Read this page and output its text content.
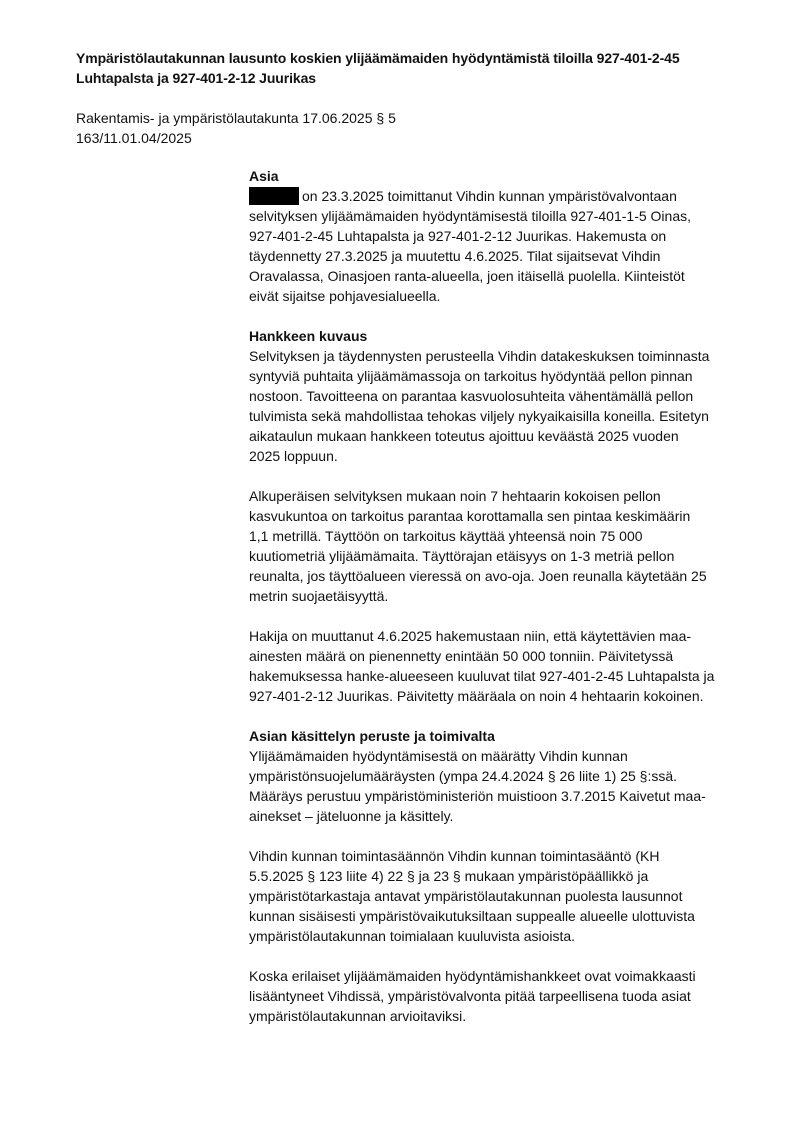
Ympäristölautakunnan lausunto koskien ylijäämämaiden hyödyntämistä tiloilla 927-401-2-45
Luhtapalsta ja 927-401-2-12 Juurikas
Rakentamis- ja ympäristölautakunta 17.06.2025 § 5
163/11.01.04/2025
Asia
on 23.3.2025 toimittanut Vihdin kunnan ympäristövalvontaan
selvityksen ylijäämämaiden hyödyntämisestä tiloilla 927-401-1-5 Oinas,
927-401-2-45 Luhtapalsta ja 927-401-2-12 Juurikas. Hakemusta on
täydennetty 27.3.2025 ja muutettu 4.6.2025. Tilat sijaitsevat Vihdin
Oravalassa, Oinasjoen ranta-alueella, joen itäisellä puolella. Kiinteistöt
eivät sijaitse pohjavesialueella.
Hankkeen kuvaus
Selvityksen ja täydennysten perusteella Vihdin datakeskuksen toiminnasta
syntyviä puhtaita ylijäämämassoja on tarkoitus hyödyntää pellon pinnan
nostoon. Tavoitteena on parantaa kasvuolosuhteita vähentämällä pellon
tulvimista sekä mahdollistaa tehokas viljely nykyaikaisilla koneilla. Esitetyn
aikataulun mukaan hankkeen toteutus ajoittuu keväästä 2025 vuoden
2025 loppuun.
Alkuperäisen selvityksen mukaan noin 7 hehtaarin kokoisen pellon
kasvukuntoa on tarkoitus parantaa korottamalla sen pintaa keskimäärin
1,1 metrillä. Täyttöön on tarkoitus käyttää yhteensä noin 75 000
kuutiometriä ylijäämämaita. Täyttörajan etäisyys on 1-3 metriä pellon
reunalta, jos täyttöalueen vieressä on avo-oja. Joen reunalla käytetään 25
metrin suojaetäisyyttä.
Hakija on muuttanut 4.6.2025 hakemustaan niin, että käytettävien maa-
ainesten määrä on pienennetty enintään 50 000 tonniin. Päivitetyssä
hakemuksessa hanke-alueeseen kuuluvat tilat 927-401-2-45 Luhtapalsta ja
927-401-2-12 Juurikas. Päivitetty määräala on noin 4 hehtaarin kokoinen.
Asian käsittelyn peruste ja toimivalta
Ylijäämämaiden hyödyntämisestä on määrätty Vihdin kunnan
ympäristönsuojelumääräysten (ympa 24.4.2024 § 26 liite 1) 25 §:ssä.
Määräys perustuu ympäristöministeriön muistioon 3.7.2015 Kaivetut maa-
ainekset – jäteluonne ja käsittely.
Vihdin kunnan toimintasäännön Vihdin kunnan toimintasääntö (KH
5.5.2025 § 123 liite 4) 22 § ja 23 § mukaan ympäristöpäällikkö ja
ympäristötarkastaja antavat ympäristölautakunnan puolesta lausunnot
kunnan sisäisesti ympäristövaikutuksiltaan suppealle alueelle ulottuvista
ympäristölautakunnan toimialaan kuuluvista asioista.
Koska erilaiset ylijäämämaiden hyödyntämishankkeet ovat voimakkaasti
lisääntyneet Vihdissä, ympäristövalvonta pitää tarpeellisena tuoda asiat
ympäristölautakunnan arvioitaviksi.
